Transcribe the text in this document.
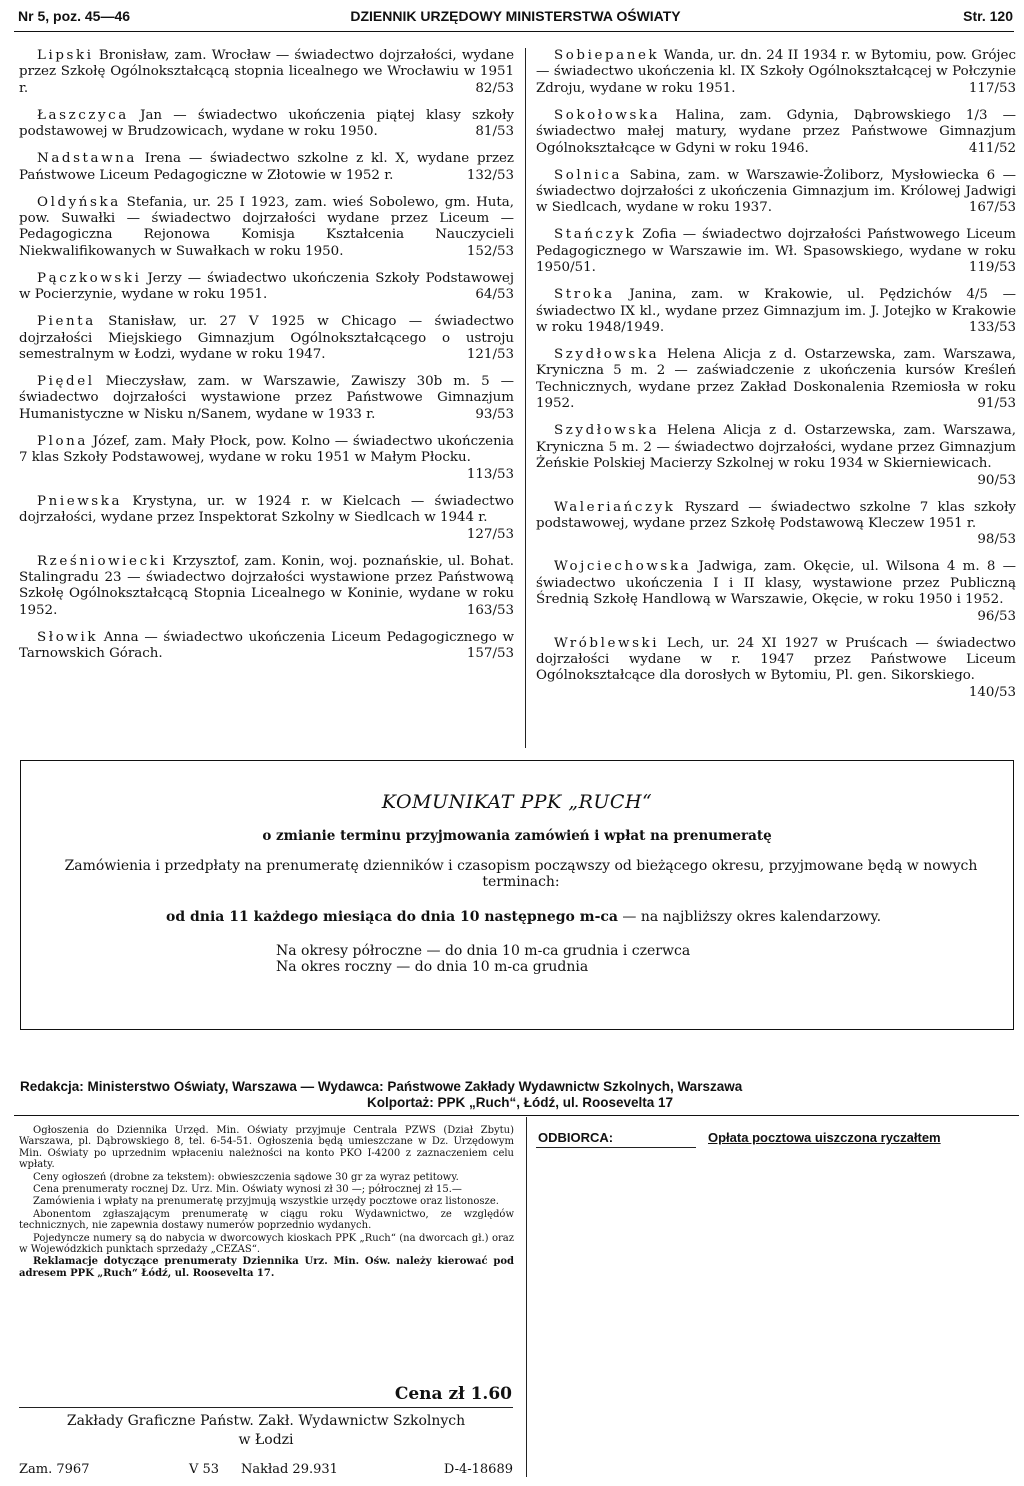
DZIENNIK URZĘDOWY MINISTERSTWA OŚWIATY
Nr 5, poz. 45—46	Str. 120

Lipski Bronisław, zam. Wrocław — świadectwo dojrzałości, wydane przez Szkołę Ogólnokształcącą stopnia licealnego we Wrocławiu w 1951 r.	82/53

Łaszczyca Jan — świadectwo ukończenia piątej klasy szkoły podstawowej w Brudzowicach, wydane w roku 1950.	81/53

Nadstawna Irena — świadectwo szkolne z kl. X, wydane przez Państwowe Liceum Pedagogiczne w Złotowie w 1952 r.	132/53

Oldyńska Stefania, ur. 25 I 1923, zam. wieś Sobolewo, gm. Huta, pow. Suwałki — świadectwo dojrzałości wydane przez Liceum — Pedagogiczna Rejonowa Komisja Kształcenia Nauczycieli Niekwalifikowanych w Suwałkach w roku 1950.	152/53

Pączkowski Jerzy — świadectwo ukończenia Szkoły Podstawowej w Pocierzynie, wydane w roku 1951.	64/53

Pienta Stanisław, ur. 27 V 1925 w Chicago — świadectwo dojrzałości Miejskiego Gimnazjum Ogólnokształcącego o ustroju semestralnym w Łodzi, wydane w roku 1947.	121/53

Piędel Mieczysław, zam. w Warszawie, Zawiszy 30b m. 5 — świadectwo dojrzałości wystawione przez Państwowe Gimnazjum Humanistyczne w Nisku n/Sanem, wydane w 1933 r.	93/53

Plona Józef, zam. Mały Płock, pow. Kolno — świadectwo ukończenia 7 klas Szkoły Podstawowej, wydane w roku 1951 w Małym Płocku.
113/53

Pniewska Krystyna, ur. w 1924 r. w Kielcach — świadectwo dojrzałości, wydane przez Inspektorat Szkolny w Siedlcach w 1944 r.
127/53

Rześniowiecki Krzysztof, zam. Konin, woj. poznańskie, ul. Bohat. Stalingradu 23 — świadectwo dojrzałości wystawione przez Państwową Szkołę Ogólnokształcącą Stopnia Licealnego w Koninie, wydane w roku 1952.	163/53

Słowik Anna — świadectwo ukończenia Liceum Pedagogicznego w Tarnowskich Górach.	157/53

Sobiepanek Wanda, ur. dn. 24 II 1934 r. w Bytomiu, pow. Grójec — świadectwo ukończenia kl. IX Szkoły Ogólnokształcącej w Połczynie Zdroju, wydane w roku 1951.	117/53

Sokołowska Halina, zam. Gdynia, Dąbrowskiego 1/3 — świadectwo małej matury, wydane przez Państwowe Gimnazjum Ogólnokształcące w Gdyni w roku 1946.	411/52

Solnica Sabina, zam. w Warszawie-Żoliborz, Mysłowiecka 6 — świadectwo dojrzałości z ukończenia Gimnazjum im. Królowej Jadwigi w Siedlcach, wydane w roku 1937.	167/53

Stańczyk Zofia — świadectwo dojrzałości Państwowego Liceum Pedagogicznego w Warszawie im. Wł. Spasowskiego, wydane w roku 1950/51.	119/53

Stroka Janina, zam. w Krakowie, ul. Pędzichów 4/5 — świadectwo IX kl., wydane przez Gimnazjum im. J. Jotejko w Krakowie w roku 1948/1949.	133/53

Szydłowska Helena Alicja z d. Ostarzewska, zam. Warszawa, Kryniczna 5 m. 2 — zaświadczenie z ukończenia kursów Kreśleń Technicznych, wydane przez Zakład Doskonalenia Rzemiosła w roku 1952.	91/53

Szydłowska Helena Alicja z d. Ostarzewska, zam. Warszawa, Kryniczna 5 m. 2 — świadectwo dojrzałości, wydane przez Gimnazjum Żeńskie Polskiej Macierzy Szkolnej w roku 1934 w Skierniewicach.
90/53

Waleriańczyk Ryszard — świadectwo szkolne 7 klas szkoły podstawowej, wydane przez Szkołę Podstawową Kleczew 1951 r.
98/53

Wojciechowska Jadwiga, zam. Okęcie, ul. Wilsona 4 m. 8 — świadectwo ukończenia I i II klasy, wystawione przez Publiczną Średnią Szkołę Handlową w Warszawie, Okęcie, w roku 1950 i 1952.
96/53

Wróblewski Lech, ur. 24 XI 1927 w Pruścach — świadectwo dojrzałości wydane w r. 1947 przez Państwowe Liceum Ogólnokształcące dla dorosłych w Bytomiu, Pl. gen. Sikorskiego.
140/53

KOMUNIKAT PPK „RUCH“
o zmianie terminu przyjmowania zamówień i wpłat na prenumeratę
Zamówienia i przedpłaty na prenumeratę dzienników i czasopism począwszy od bieżącego okresu, przyjmowane będą w nowych terminach:
od dnia 11 każdego miesiąca do dnia 10 następnego m-ca — na najbliższy okres kalendarzowy.
Na okresy półroczne — do dnia 10 m-ca grudnia i czerwca
Na okres roczny — do dnia 10 m-ca grudnia
Redakcja: Ministerstwo Oświaty, Warszawa — Wydawca: Państwowe Zakłady Wydawnictw Szkolnych, Warszawa
Kolportaż: PPK „Ruch“, Łódź, ul. Roosevelta 17

Ogłoszenia do Dziennika Urzęd. Min. Oświaty przyjmuje Centrala PZWS (Dział Zbytu) Warszawa, pl. Dąbrowskiego 8, tel. 6-54-51. Ogłoszenia będą umieszczane w Dz. Urzędowym Min. Oświaty po uprzednim wpłaceniu należności na konto PKO I-4200 z zaznaczeniem celu wpłaty.

Ceny ogłoszeń (drobne za tekstem): obwieszczenia sądowe 30 gr za wyraz petitowy.

Cena prenumeraty rocznej Dz. Urz. Min. Oświaty wynosi zł 30 —; półrocznej zł 15.—

Zamówienia i wpłaty na prenumeratę przyjmują wszystkie urzędy pocztowe oraz listonosze.

Abonentom zgłaszającym prenumeratę w ciągu roku Wydawnictwo, ze względów technicznych, nie zapewnia dostawy numerów poprzednio wydanych.

Pojedyncze numery są do nabycia w dworcowych kioskach PPK „Ruch“ (na dworcach gł.) oraz w Wojewódzkich punktach sprzedaży „CEZAS“.

Reklamacje dotyczące prenumeraty Dziennika Urz. Min. Ośw. należy kierować pod adresem PPK „Ruch“ Łódź, ul. Roosevelta 17.

Cena zł 1.60
Zakłady Graficzne Państw. Zakł. Wydawnictw Szkolnych
w Łodzi
Zam. 7967	V 53 Nakład 29.931	D-4-18689
ODBIORCA:	Opłata pocztowa uiszczona ryczałtem
